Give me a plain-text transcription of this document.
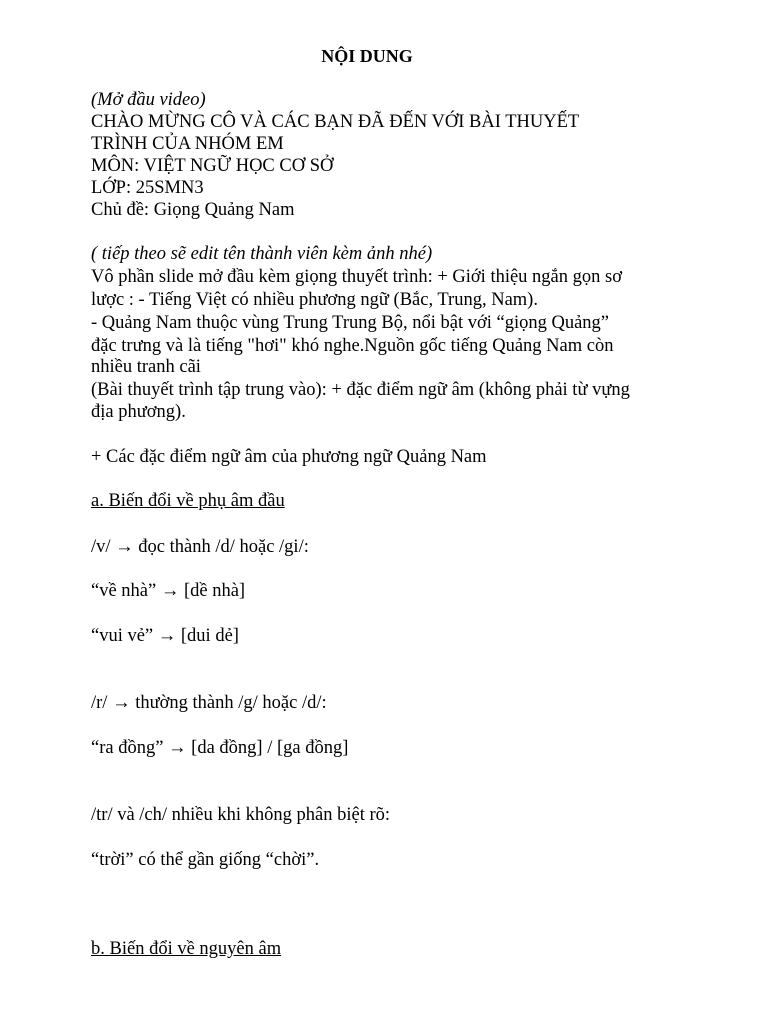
NỘI DUNG
(Mở đầu video)
CHÀO MỪNG CÔ VÀ CÁC BẠN ĐÃ ĐẾN VỚI BÀI THUYẾT
TRÌNH CỦA NHÓM EM
MÔN: VIỆT NGỮ HỌC CƠ SỞ
LỚP: 25SMN3
Chủ đề: Giọng Quảng Nam
( tiếp theo sẽ edit tên thành viên kèm ảnh nhé)
Vô phần slide mở đầu kèm giọng thuyết trình: + Giới thiệu ngắn gọn sơ
lược : - Tiếng Việt có nhiều phương ngữ (Bắc, Trung, Nam).
- Quảng Nam thuộc vùng Trung Trung Bộ, nổi bật với “giọng Quảng”
đặc trưng và là tiếng "hơi" khó nghe.Nguồn gốc tiếng Quảng Nam còn
nhiều tranh cãi
(Bài thuyết trình tập trung vào): + đặc điểm ngữ âm (không phải từ vựng
địa phương).
+ Các đặc điểm ngữ âm của phương ngữ Quảng Nam
a. Biến đổi về phụ âm đầu
/v/ → đọc thành /d/ hoặc /gi/:
“về nhà” → [dề nhà]
“vui vẻ” → [dui dẻ]
/r/ → thường thành /g/ hoặc /d/:
“ra đồng” → [da đồng] / [ga đồng]
/tr/ và /ch/ nhiều khi không phân biệt rõ:
“trời” có thể gần giống “chời”.
b. Biến đổi về nguyên âm
